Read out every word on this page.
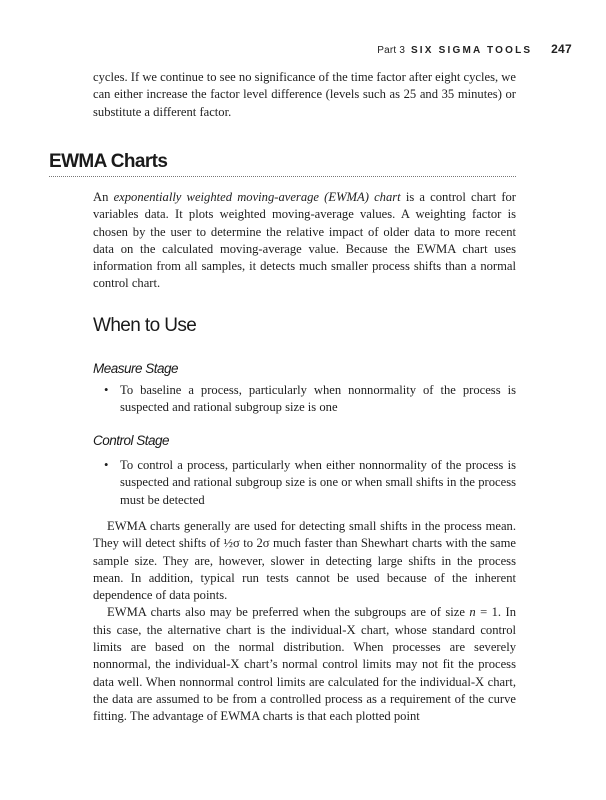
Part 3 SIX SIGMA TOOLS 247

cycles. If we continue to see no significance of the time factor after eight cycles, we can either increase the factor level difference (levels such as 25 and 35 minutes) or substitute a different factor.

EWMA Charts

An exponentially weighted moving-average (EWMA) chart is a control chart for variables data. It plots weighted moving-average values. A weighting factor is chosen by the user to determine the relative impact of older data to more recent data on the calculated moving-average value. Because the EWMA chart uses information from all samples, it detects much smaller process shifts than a normal control chart.

When to Use
Measure Stage
• To baseline a process, particularly when nonnormality of the process is suspected and rational subgroup size is one
Control Stage
• To control a process, particularly when either nonnormality of the process is suspected and rational subgroup size is one or when small shifts in the process must be detected

EWMA charts generally are used for detecting small shifts in the process mean. They will detect shifts of ½σ to 2σ much faster than Shewhart charts with the same sample size. They are, however, slower in detecting large shifts in the process mean. In addition, typical run tests cannot be used because of the inherent dependence of data points.

EWMA charts also may be preferred when the subgroups are of size n = 1. In this case, the alternative chart is the individual-X chart, whose standard control limits are based on the normal distribution. When processes are severely nonnormal, the individual-X chart’s normal control limits may not fit the process data well. When nonnormal control limits are calculated for the individual-X chart, the data are assumed to be from a controlled process as a requirement of the curve fitting. The advantage of EWMA charts is that each plotted point
